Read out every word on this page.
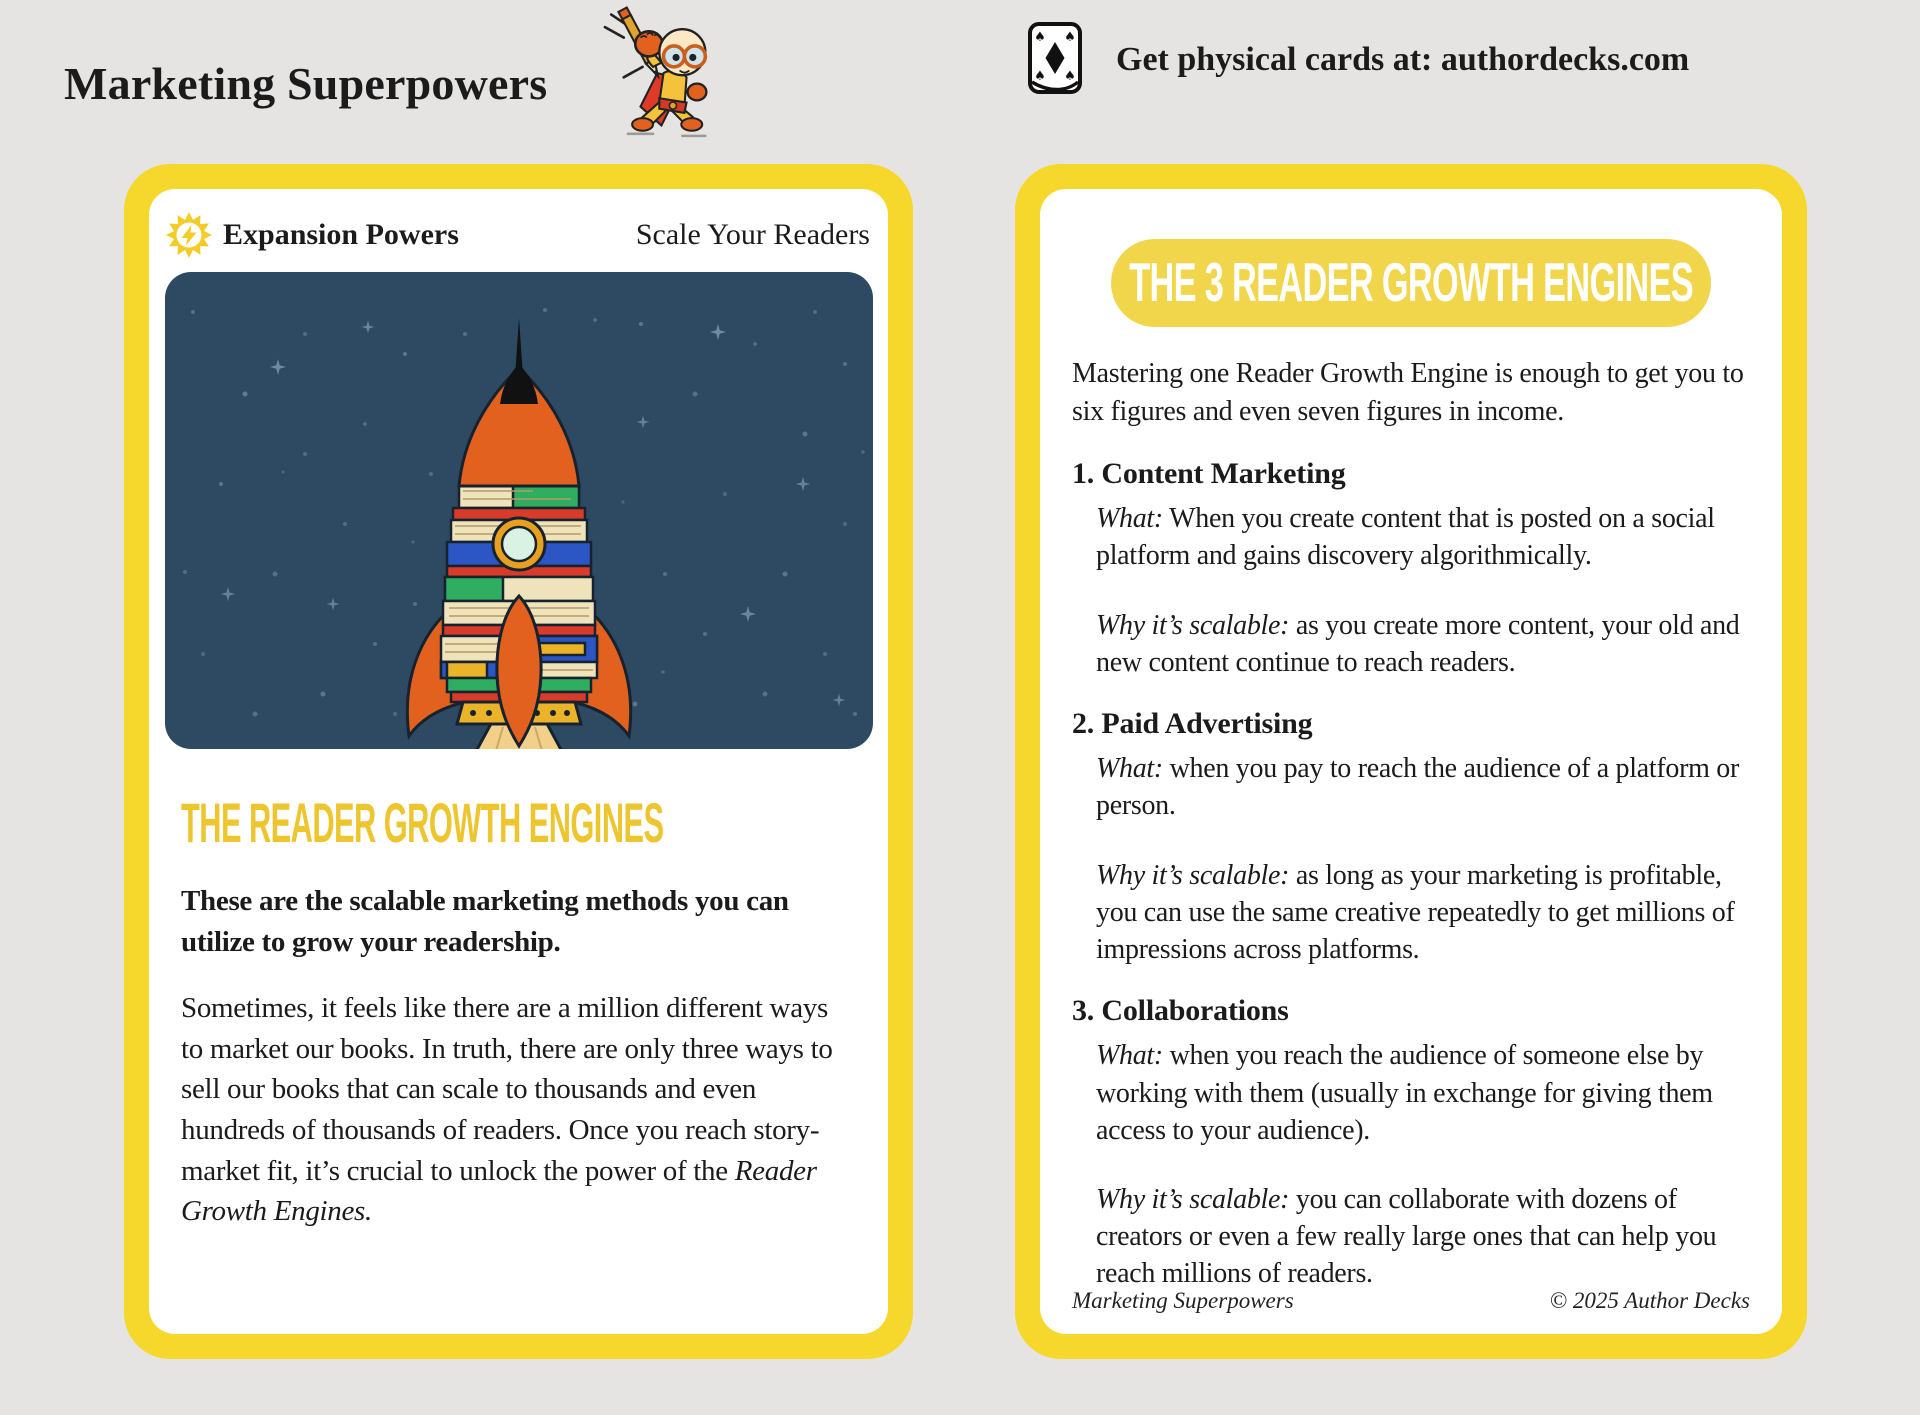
Marketing Superpowers
♠ ♠
♠ ♠ Get physical cards at: authordecks.com
Expansion Powers	Scale Your Readers
THE READER GROWTH ENGINES

These are the scalable marketing methods you can utilize to grow your readership.

Sometimes, it feels like there are a million different ways to market our books. In truth, there are only three ways to sell our books that can scale to thousands and even hundreds of thousands of readers. Once you reach story-market fit, it’s crucial to unlock the power of the Reader Growth Engines.

THE 3 READER GROWTH ENGINES

Mastering one Reader Growth Engine is enough to get you to six figures and even seven figures in income.

1. Content Marketing

What: When you create content that is posted on a social platform and gains discovery algorithmically.

Why it’s scalable: as you create more content, your old and new content continue to reach readers.

2. Paid Advertising

What: when you pay to reach the audience of a platform or person.

Why it’s scalable: as long as your marketing is profitable, you can use the same creative repeatedly to get millions of impressions across platforms.

3. Collaborations

What: when you reach the audience of someone else by working with them (usually in exchange for giving them access to your audience).

Why it’s scalable: you can collaborate with dozens of creators or even a few really large ones that can help you reach millions of readers.

Marketing Superpowers	© 2025 Author Decks
